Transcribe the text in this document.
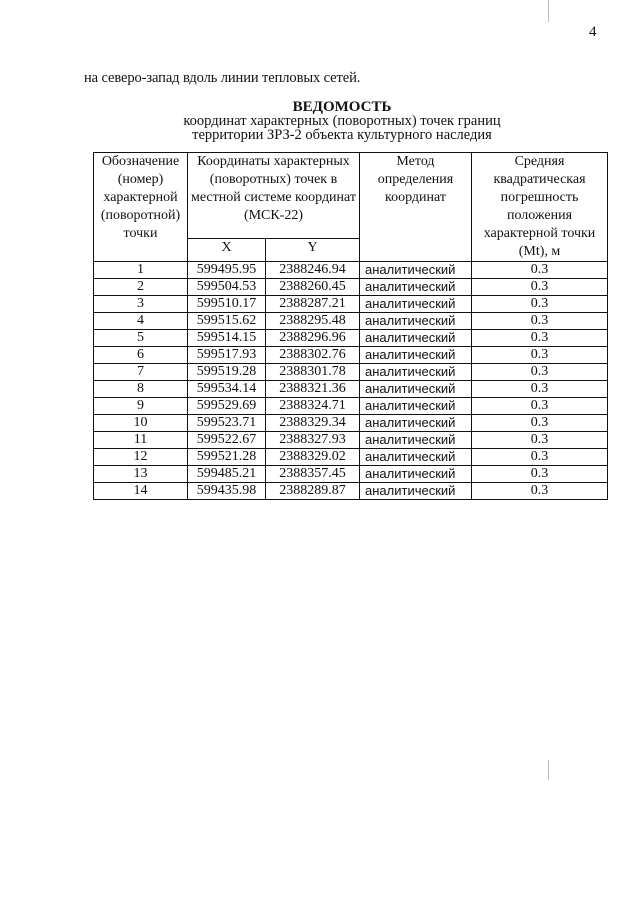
4
на северо-запад вдоль линии тепловых сетей.
ВЕДОМОСТЬ
координат характерных (поворотных) точек границ
территории ЗРЗ-2 объекта культурного наследия
Обозначение (номер) характерной (поворотной) точки	Координаты характерных (поворотных) точек в местной системе координат (МСК-22)		Метод определения координат	Средняя квадратическая погрешность положения характерной точки (Mt), м
	X	Y		
1	599495.95	2388246.94	аналитический	0.3
2	599504.53	2388260.45	аналитический	0.3
3	599510.17	2388287.21	аналитический	0.3
4	599515.62	2388295.48	аналитический	0.3
5	599514.15	2388296.96	аналитический	0.3
6	599517.93	2388302.76	аналитический	0.3
7	599519.28	2388301.78	аналитический	0.3
8	599534.14	2388321.36	аналитический	0.3
9	599529.69	2388324.71	аналитический	0.3
10	599523.71	2388329.34	аналитический	0.3
11	599522.67	2388327.93	аналитический	0.3
12	599521.28	2388329.02	аналитический	0.3
13	599485.21	2388357.45	аналитический	0.3
14	599435.98	2388289.87	аналитический	0.3
